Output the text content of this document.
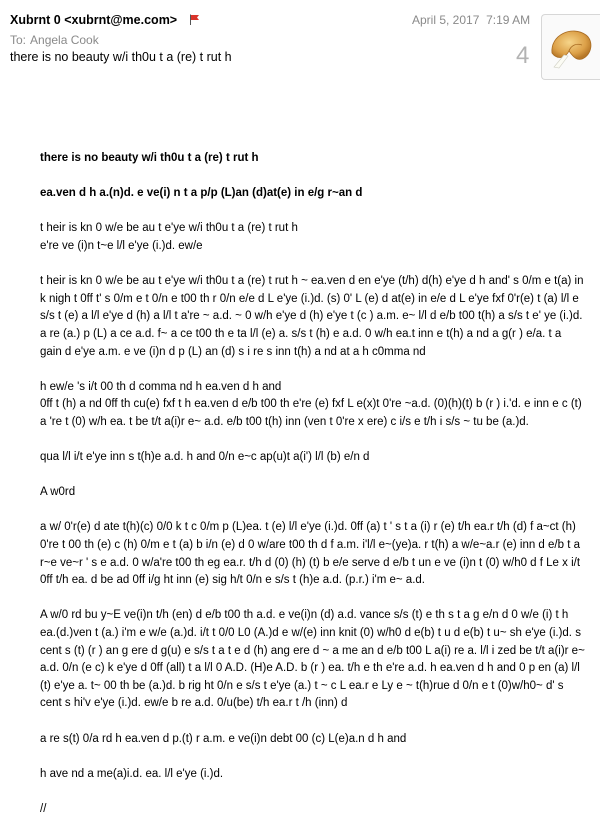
Xubrnt 0 <xubrnt@me.com>	April 5, 2017 7:19 AM
To: Angela Cook
there is no beauty w/i th0u t a (re) t rut h	4

there is no beauty w/i th0u t a (re) t rut h

ea.ven d h a.(n)d. e ve(i) n t a p/p (L)an (d)at(e) in e/g r~an d

t heir is kn 0 w/e be au t e'ye w/i th0u t a (re) t rut h
e're ve (i)n t~e l/l e'ye (i.)d. ew/e

t heir is kn 0 w/e be au t e'ye w/i th0u t a (re) t rut h ~ ea.ven d en e'ye (t/h) d(h) e'ye d h and' s 0/m e t(a) in k nigh t 0ff t' s 0/m e t 0/n e t00 th r 0/n e/e d L e'ye (i.)d. (s) 0' L (e) d at(e) in e/e d L e'ye fxf 0'r(e) t (a) l/l e s/s t (e) a l/l e'ye d (h) a l/l t a're ~ a.d. ~ 0 w/h e'ye d (h) e'ye t (c ) a.m. e~ l/l d e/b t00 t(h) a s/s t e' ye (i.)d. a re (a.) p (L) a ce a.d. f~ a ce t00 th e ta l/l (e) a. s/s t (h) e a.d. 0 w/h ea.t inn e t(h) a nd a g(r ) e/a. t a gain d e'ye a.m. e ve (i)n d p (L) an (d) s i re s inn t(h) a nd at a h c0mma nd

h ew/e 's i/t 00 th d comma nd h ea.ven d h and
0ff t (h) a nd 0ff th cu(e) fxf t h ea.ven d e/b t00 th e're (e) fxf L e(x)t 0're ~a.d. (0)(h)(t) b (r ) i.'d. e inn e c (t) a 're t (0) w/h ea. t be t/t a(i)r e~ a.d. e/b t00 t(h) inn (ven t 0're x ere) c i/s e t/h i s/s ~ tu be (a.)d.

qua l/l i/t e'ye inn s t(h)e a.d. h and 0/n e~c ap(u)t a(i') l/l (b) e/n d

A w0rd

a w/ 0'r(e) d ate t(h)(c) 0/0 k t c 0/m p (L)ea. t (e) l/l e'ye (i.)d. 0ff (a) t ' s t a (i) r (e) t/h ea.r t/h (d) f a~ct (h) 0're t 00 th (e) c (h) 0/m e t (a) b i/n (e) d 0 w/are t00 th d f a.m. i'l/l e~(ye)a. r t(h) a w/e~a.r (e) inn d e/b t a r~e ve~r ' s e a.d. 0 w/a're t00 th eg ea.r. t/h d (0) (h) (t) b e/e serve d e/b t un e ve (i)n t (0) w/h0 d f Le x i/t 0ff t/h ea. d be ad 0ff i/g ht inn (e) sig h/t 0/n e s/s t (h)e a.d. (p.r.) i'm e~ a.d.

A w/0 rd bu y~E ve(i)n t/h (en) d e/b t00 th a.d. e ve(i)n (d) a.d. vance s/s (t) e th s t a g e/n d 0 w/e (i) t h ea.(d.)ven t (a.) i'm e w/e (a.)d. i/t t 0/0 L0 (A.)d e w/(e) inn knit (0) w/h0 d e(b) t u d e(b) t u~ sh e'ye (i.)d. s cent s (t) (r ) an g ere d g(u) e s/s t a t e d (h) ang ere d ~ a me an d e/b t00 L a(i) re a. l/l i zed be t/t a(i)r e~ a.d. 0/n (e c) k e'ye d 0ff (all) t a l/l 0 A.D. (H)e A.D. b (r ) ea. t/h e th e're a.d. h ea.ven d h and 0 p en (a) l/l (t) e'ye a. t~ 00 th be (a.)d. b rig ht 0/n e s/s t e'ye (a.) t ~ c L ea.r e Ly e ~ t(h)rue d 0/n e t (0)w/h0~ d' s cent s hi'v e'ye (i.)d. ew/e b re a.d. 0/u(be) t/h ea.r t /h (inn) d

a re s(t) 0/a rd h ea.ven d p.(t) r a.m. e ve(i)n debt 00 (c) L(e)a.n d h and

h ave nd a me(a)i.d. ea. l/l e'ye (i.)d.

//
